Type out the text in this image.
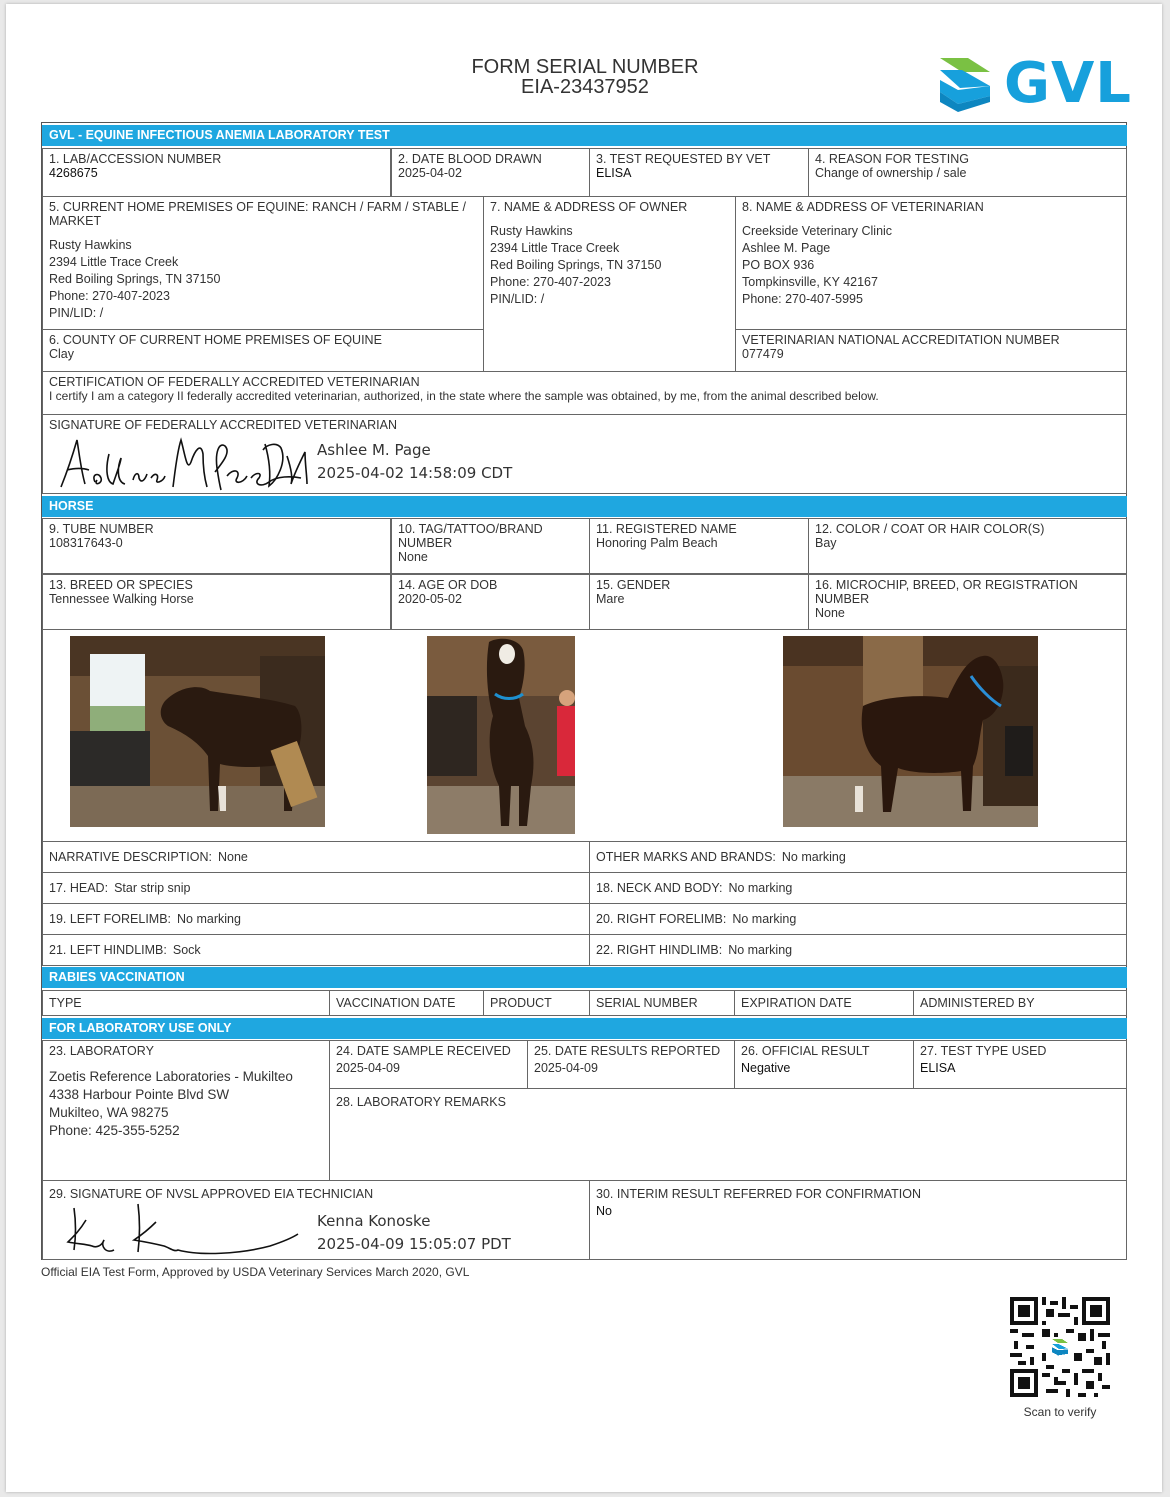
FORM SERIAL NUMBER
EIA-23437952	GVL
GVL - EQUINE INFECTIOUS ANEMIA LABORATORY TEST
1. LAB/ACCESSION NUMBER
4268675
2. DATE BLOOD DRAWN
2025-04-02
3. TEST REQUESTED BY VET
ELISA
4. REASON FOR TESTING
Change of ownership / sale
5. CURRENT HOME PREMISES OF EQUINE: RANCH / FARM / STABLE / MARKET
Rusty Hawkins
2394 Little Trace Creek
Red Boiling Springs, TN 37150
Phone: 270-407-2023
PIN/LID: /
7. NAME & ADDRESS OF OWNER
Rusty Hawkins
2394 Little Trace Creek
Red Boiling Springs, TN 37150
Phone: 270-407-2023
PIN/LID: /
8. NAME & ADDRESS OF VETERINARIAN
Creekside Veterinary Clinic
Ashlee M. Page
PO BOX 936
Tompkinsville, KY 42167
Phone: 270-407-5995
6. COUNTY OF CURRENT HOME PREMISES OF EQUINE
Clay
VETERINARIAN NATIONAL ACCREDITATION NUMBER
077479
CERTIFICATION OF FEDERALLY ACCREDITED VETERINARIAN
I certify I am a category II federally accredited veterinarian, authorized, in the state where the sample was obtained, by me, from the animal described below.
SIGNATURE OF FEDERALLY ACCREDITED VETERINARIAN
Ashlee M. Page
2025-04-02 14:58:09 CDT
HORSE
9. TUBE NUMBER
108317643-0
10. TAG/TATTOO/BRAND NUMBER
None
11. REGISTERED NAME
Honoring Palm Beach
12. COLOR / COAT OR HAIR COLOR(S)
Bay
13. BREED OR SPECIES
Tennessee Walking Horse
14. AGE OR DOB
2020-05-02
15. GENDER
Mare
16. MICROCHIP, BREED, OR REGISTRATION NUMBER
None
NARRATIVE DESCRIPTION: None	OTHER MARKS AND BRANDS: No marking
17. HEAD: Star strip snip	18. NECK AND BODY: No marking
19. LEFT FORELIMB: No marking	20. RIGHT FORELIMB: No marking
21. LEFT HINDLIMB: Sock	22. RIGHT HINDLIMB: No marking
RABIES VACCINATION
TYPE	VACCINATION DATE	PRODUCT	SERIAL NUMBER	EXPIRATION DATE	ADMINISTERED BY
FOR LABORATORY USE ONLY
23. LABORATORY
Zoetis Reference Laboratories - Mukilteo
4338 Harbour Pointe Blvd SW
Mukilteo, WA 98275
Phone: 425-355-5252
24. DATE SAMPLE RECEIVED
2025-04-09
25. DATE RESULTS REPORTED
2025-04-09
26. OFFICIAL RESULT
Negative
27. TEST TYPE USED
ELISA
28. LABORATORY REMARKS
29. SIGNATURE OF NVSL APPROVED EIA TECHNICIAN
Kenna Konoske
2025-04-09 15:05:07 PDT
30. INTERIM RESULT REFERRED FOR CONFIRMATION
No
Official EIA Test Form, Approved by USDA Veterinary Services March 2020, GVL
Scan to verify
